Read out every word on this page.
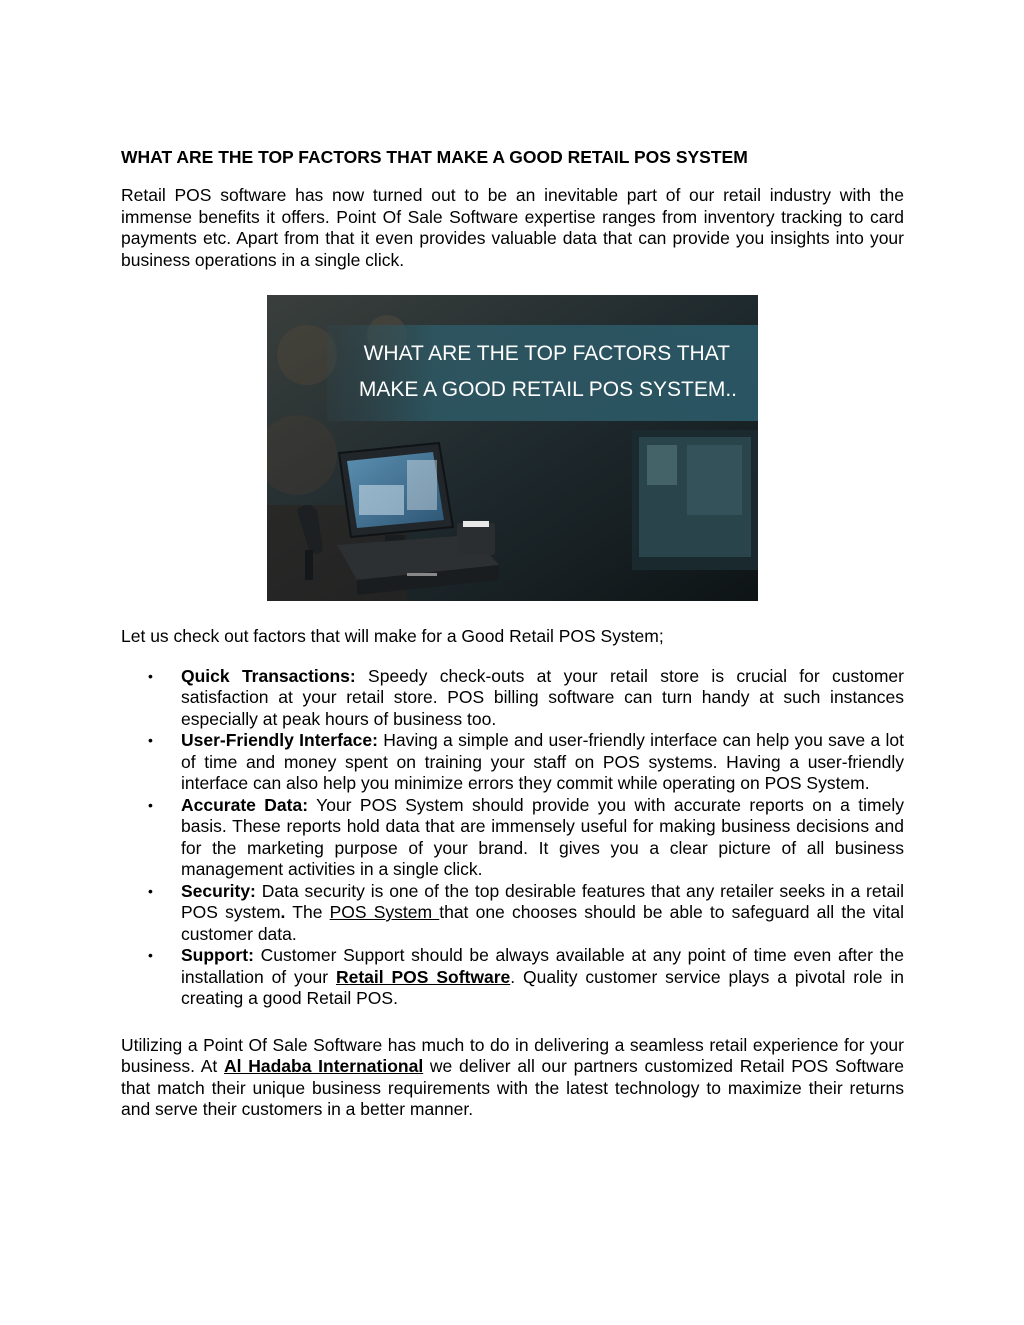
WHAT ARE THE TOP FACTORS THAT MAKE A GOOD RETAIL POS SYSTEM

Retail POS software has now turned out to be an inevitable part of our retail industry with the immense benefits it offers. Point Of Sale Software expertise ranges from inventory tracking to card payments etc. Apart from that it even provides valuable data that can provide you insights into your business operations in a single click.

WHAT ARE THE TOP FACTORS THAT
MAKE A GOOD RETAIL POS SYSTEM..

Let us check out factors that will make for a Good Retail POS System;

• Quick Transactions: Speedy check-outs at your retail store is crucial for customer satisfaction at your retail store. POS billing software can turn handy at such instances especially at peak hours of business too.
• User-Friendly Interface: Having a simple and user-friendly interface can help you save a lot of time and money spent on training your staff on POS systems. Having a user-friendly interface can also help you minimize errors they commit while operating on POS System.
• Accurate Data: Your POS System should provide you with accurate reports on a timely basis. These reports hold data that are immensely useful for making business decisions and for the marketing purpose of your brand. It gives you a clear picture of all business management activities in a single click.
• Security: Data security is one of the top desirable features that any retailer seeks in a retail POS system. The POS System that one chooses should be able to safeguard all the vital customer data.
• Support: Customer Support should be always available at any point of time even after the installation of your Retail POS Software. Quality customer service plays a pivotal role in creating a good Retail POS.

Utilizing a Point Of Sale Software has much to do in delivering a seamless retail experience for your business. At Al Hadaba International we deliver all our partners customized Retail POS Software that match their unique business requirements with the latest technology to maximize their returns and serve their customers in a better manner.
